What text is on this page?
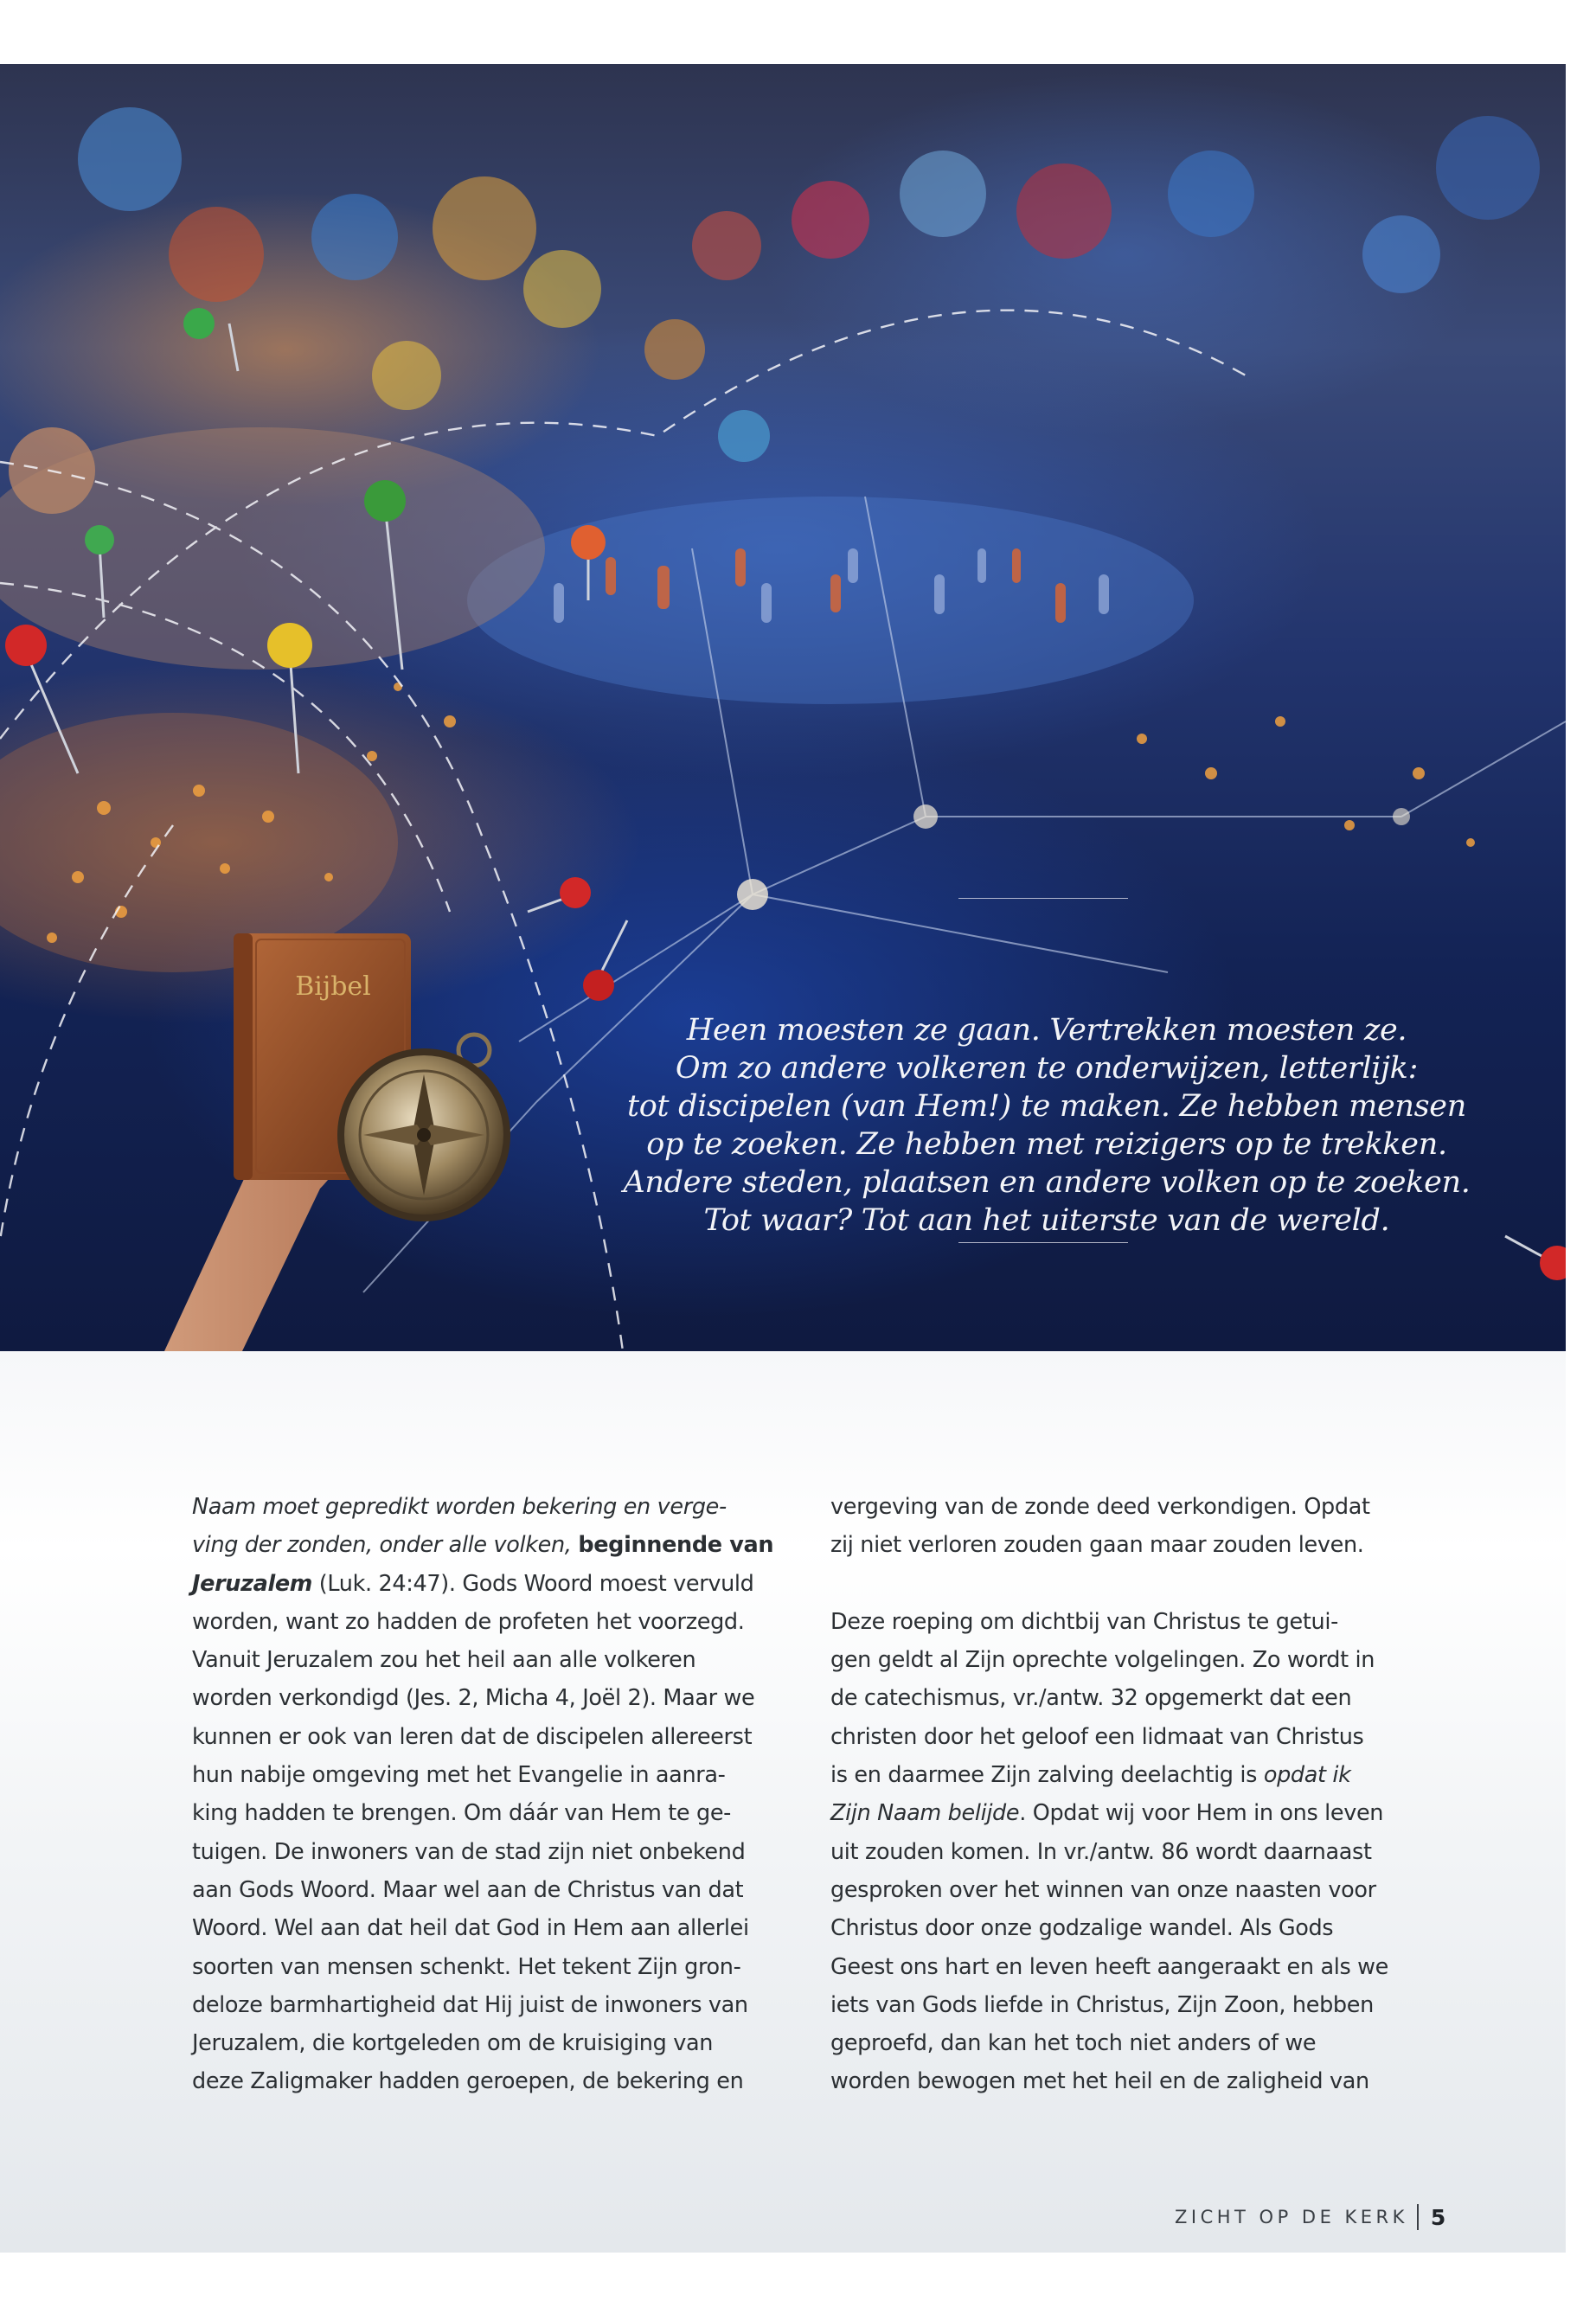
Bijbel
Heen moesten ze gaan. Vertrekken moesten ze.
Om zo andere volkeren te onderwijzen, letterlijk:
tot discipelen (van Hem!) te maken. Ze hebben mensen
op te zoeken. Ze hebben met reizigers op te trekken.
Andere steden, plaatsen en andere volken op te zoeken.
Tot waar? Tot aan het uiterste van de wereld.
Naam moet gepredikt worden bekering en verge-
ving der zonden, onder alle volken, beginnende van
Jeruzalem (Luk. 24:47). Gods Woord moest vervuld
worden, want zo hadden de profeten het voorzegd.
Vanuit Jeruzalem zou het heil aan alle volkeren
worden verkondigd (Jes. 2, Micha 4, Joël 2). Maar we
kunnen er ook van leren dat de discipelen allereerst
hun nabije omgeving met het Evangelie in aanra-
king hadden te brengen. Om dáár van Hem te ge-
tuigen. De inwoners van de stad zijn niet onbekend
aan Gods Woord. Maar wel aan de Christus van dat
Woord. Wel aan dat heil dat God in Hem aan allerlei
soorten van mensen schenkt. Het tekent Zijn gron-
deloze barmhartigheid dat Hij juist de inwoners van
Jeruzalem, die kortgeleden om de kruisiging van
deze Zaligmaker hadden geroepen, de bekering en
vergeving van de zonde deed verkondigen. Opdat
zij niet verloren zouden gaan maar zouden leven.
Deze roeping om dichtbij van Christus te getui-
gen geldt al Zijn oprechte volgelingen. Zo wordt in
de catechismus, vr./antw. 32 opgemerkt dat een
christen door het geloof een lidmaat van Christus
is en daarmee Zijn zalving deelachtig is opdat ik
Zijn Naam belijde. Opdat wij voor Hem in ons leven
uit zouden komen. In vr./antw. 86 wordt daarnaast
gesproken over het winnen van onze naasten voor
Christus door onze godzalige wandel. Als Gods
Geest ons hart en leven heeft aangeraakt en als we
iets van Gods liefde in Christus, Zijn Zoon, hebben
geproefd, dan kan het toch niet anders of we
worden bewogen met het heil en de zaligheid van
ZICHT OP DE KERK 5
